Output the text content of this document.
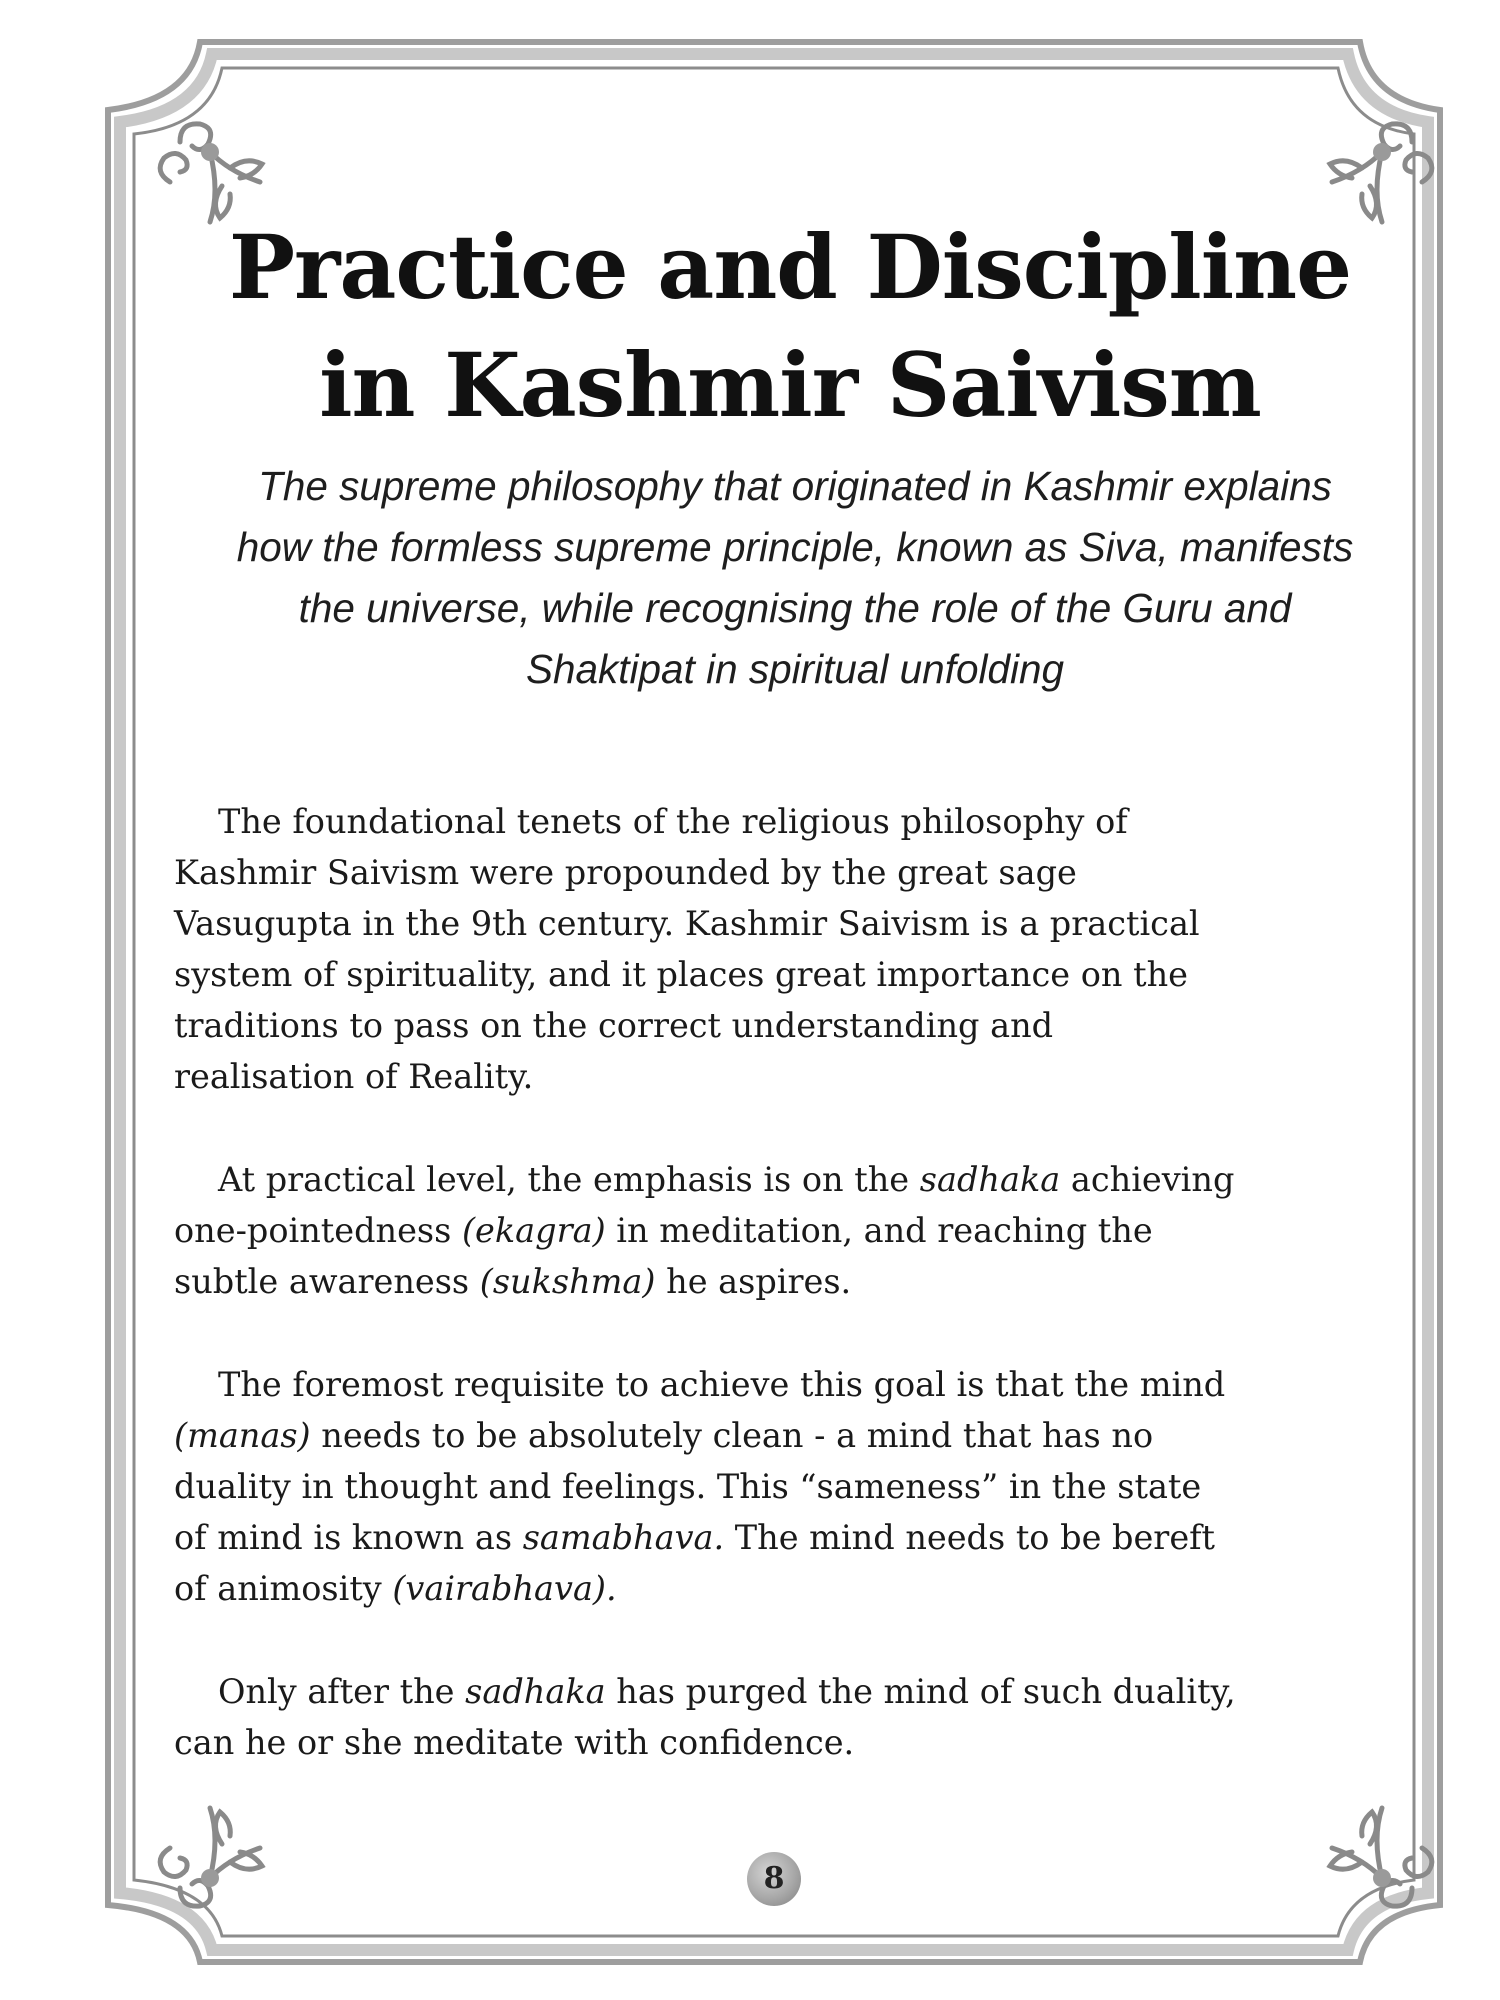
Practice and Discipline
in Kashmir Saivism

The supreme philosophy that originated in Kashmir explains how the formless supreme principle, known as Siva, manifests the universe, while recognising the role of the Guru and Shaktipat in spiritual unfolding

The foundational tenets of the religious philosophy of
Kashmir Saivism were propounded by the great sage
Vasugupta in the 9th century. Kashmir Saivism is a practical
system of spirituality, and it places great importance on the
traditions to pass on the correct understanding and
realisation of Reality.

At practical level, the emphasis is on the sadhaka achieving
one-pointedness (ekagra) in meditation, and reaching the
subtle awareness (sukshma) he aspires.

The foremost requisite to achieve this goal is that the mind
(manas) needs to be absolutely clean - a mind that has no
duality in thought and feelings. This “sameness” in the state
of mind is known as samabhava. The mind needs to be bereft
of animosity (vairabhava).

Only after the sadhaka has purged the mind of such duality,
can he or she meditate with confidence.

8
